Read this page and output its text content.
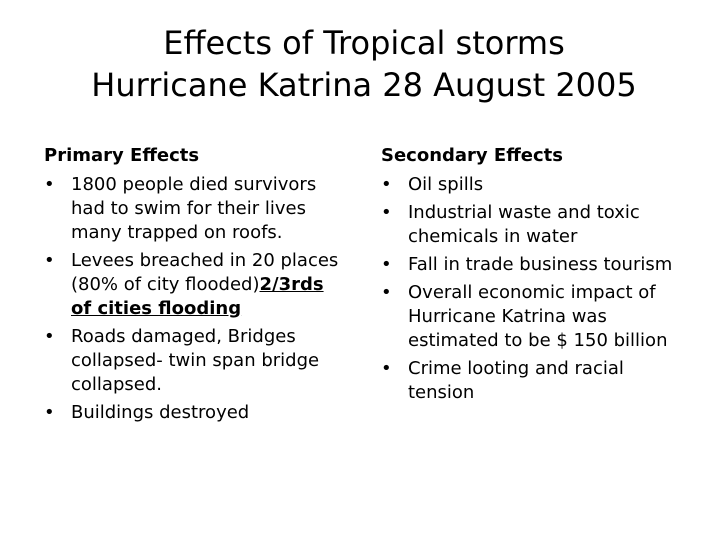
Effects of Tropical storms
Hurricane Katrina 28 August 2005
Primary Effects
• 1800 people died survivors had to swim for their lives many trapped on roofs.
• Levees breached in 20 places (80% of city flooded)2/3rds of cities flooding
• Roads damaged, Bridges collapsed- twin span bridge collapsed.
• Buildings destroyed
Secondary Effects
• Oil spills
• Industrial waste and toxic chemicals in water
• Fall in trade business tourism
• Overall economic impact of Hurricane Katrina was estimated to be $ 150 billion
• Crime looting and racial tension
